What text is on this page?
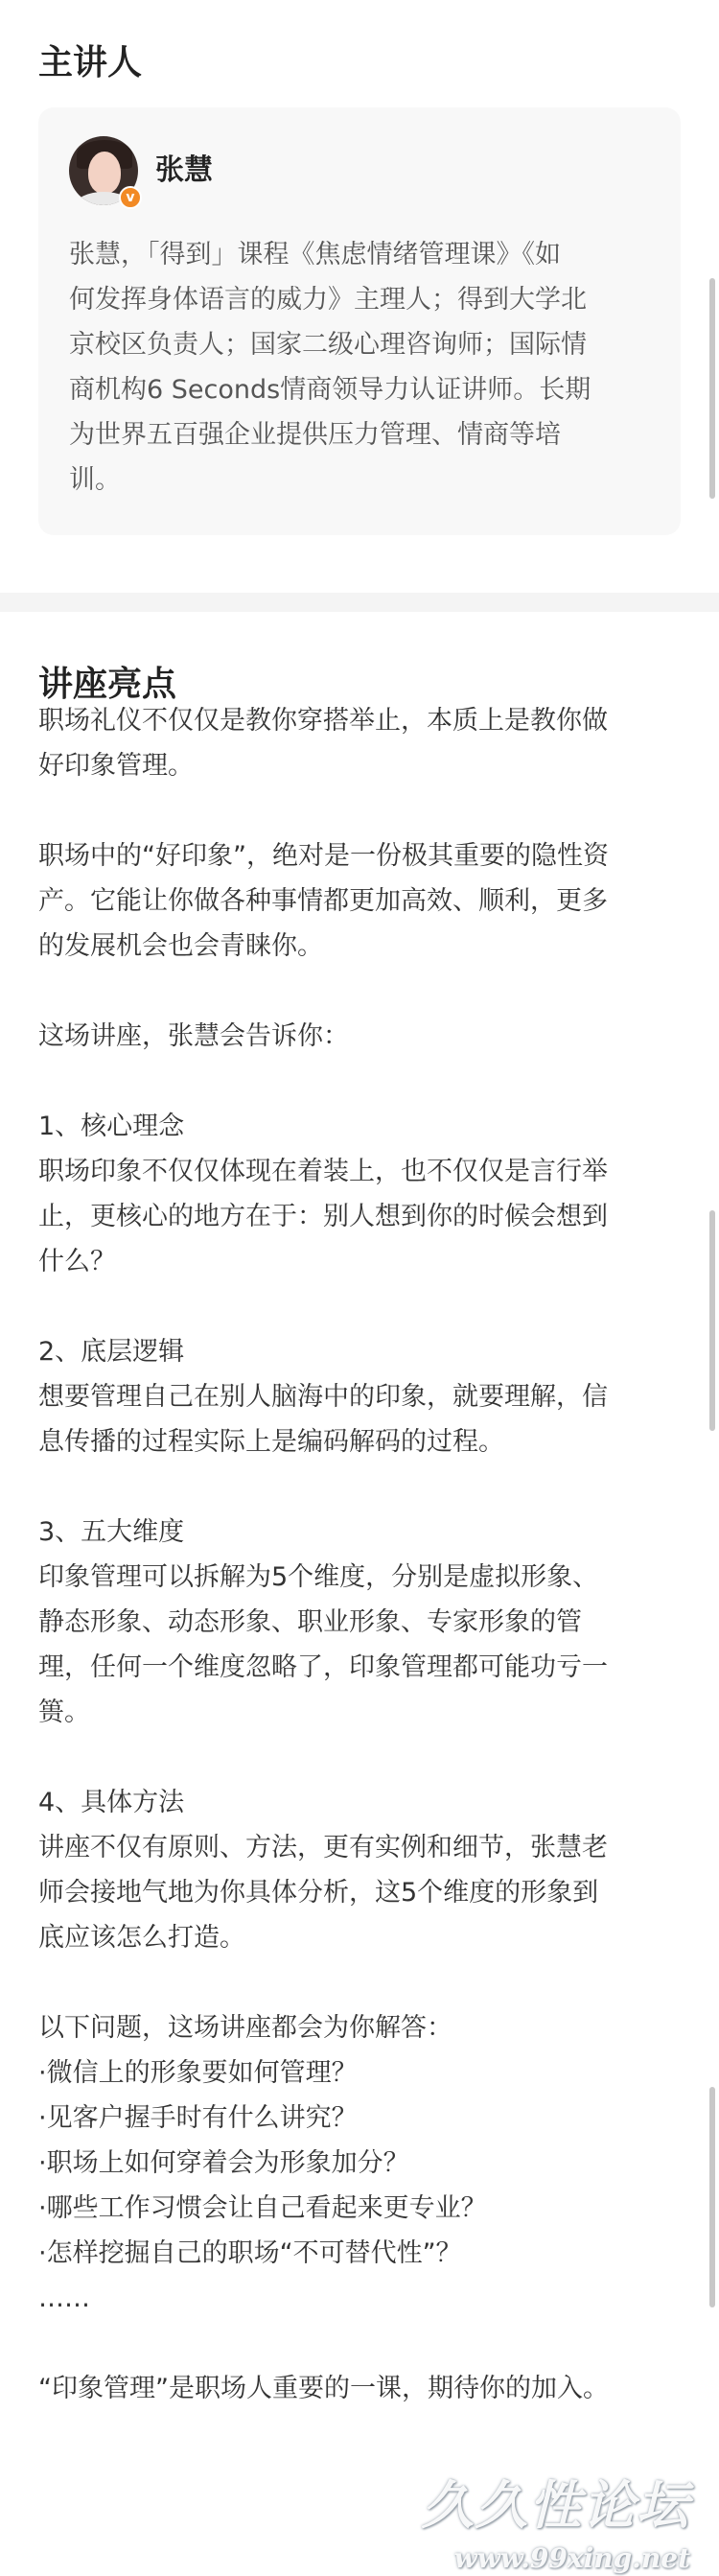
主讲人
v
张慧
张慧，「得到」课程《焦虑情绪管理课》《如
何发挥身体语言的威力》主理人；得到大学北
京校区负责人；国家二级心理咨询师；国际情
商机构6 Seconds情商领导力认证讲师。长期
为世界五百强企业提供压力管理、情商等培
训。
讲座亮点
职场礼仪不仅仅是教你穿搭举止，本质上是教你做
好印象管理。
职场中的“好印象”，绝对是一份极其重要的隐性资
产。它能让你做各种事情都更加高效、顺利，更多
的发展机会也会青睐你。
这场讲座，张慧会告诉你：
1、核心理念
职场印象不仅仅体现在着装上，也不仅仅是言行举
止，更核心的地方在于：别人想到你的时候会想到
什么？
2、底层逻辑
想要管理自己在别人脑海中的印象，就要理解，信
息传播的过程实际上是编码解码的过程。
3、五大维度
印象管理可以拆解为5个维度，分别是虚拟形象、
静态形象、动态形象、职业形象、专家形象的管
理，任何一个维度忽略了，印象管理都可能功亏一
篑。
4、具体方法
讲座不仅有原则、方法，更有实例和细节，张慧老
师会接地气地为你具体分析，这5个维度的形象到
底应该怎么打造。
以下问题，这场讲座都会为你解答：
·微信上的形象要如何管理？
·见客户握手时有什么讲究？
·职场上如何穿着会为形象加分？
·哪些工作习惯会让自己看起来更专业？
·怎样挖掘自己的职场“不可替代性”？
……
“印象管理”是职场人重要的一课，期待你的加入。
久久性论坛
www.99xing.net
